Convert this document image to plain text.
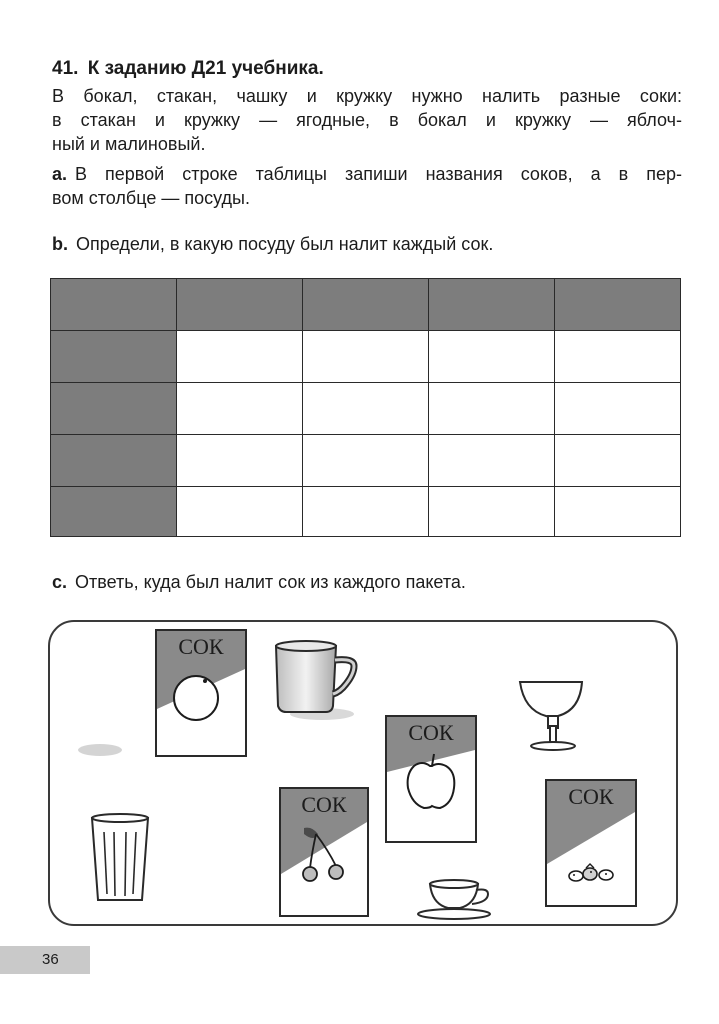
41. К заданию Д21 учебника.
В бокал, стакан, чашку и кружку нужно налить разные соки:
в стакан и кружку — ягодные, в бокал и кружку — яблоч-
ный и малиновый.
a. В первой строке таблицы запиши названия соков, а в пер-
вом столбце — посуды.
b. Определи, в какую посуду был налит каждый сок.

c. Ответь, куда был налит сок из каждого пакета.
СОК
СОК
СОК	СОК
36
